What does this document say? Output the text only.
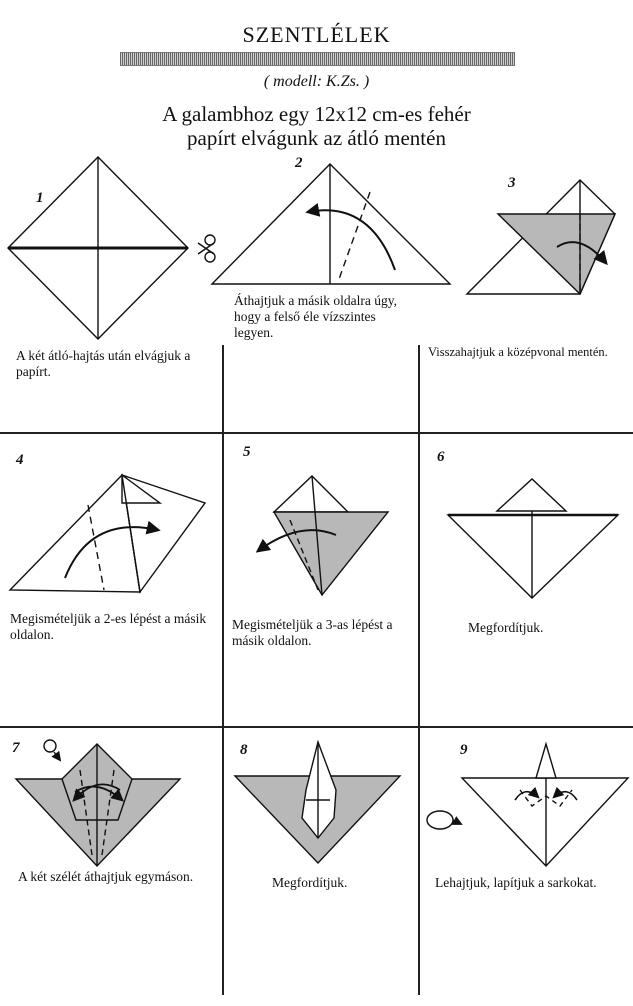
SZENTLÉLEK
( modell: K.Zs. )
A galambhoz egy 12x12 cm-es fehér
papírt elvágunk az átló mentén
1
2
3
4	5	6
7	8	9
A két átló-hajtás után elvágjuk a papírt.
Áthajtjuk a másik oldalra úgy, hogy a felső éle vízszintes legyen.
Visszahajtjuk a középvonal mentén.
Megismételjük a 2-es lépést a másik oldalon.
Megismételjük a 3-as lépést a másik oldalon.
Megfordítjuk.
A két szélét áthajtjuk egymáson.	Megfordítjuk.	Lehajtjuk, lapítjuk a sarkokat.
